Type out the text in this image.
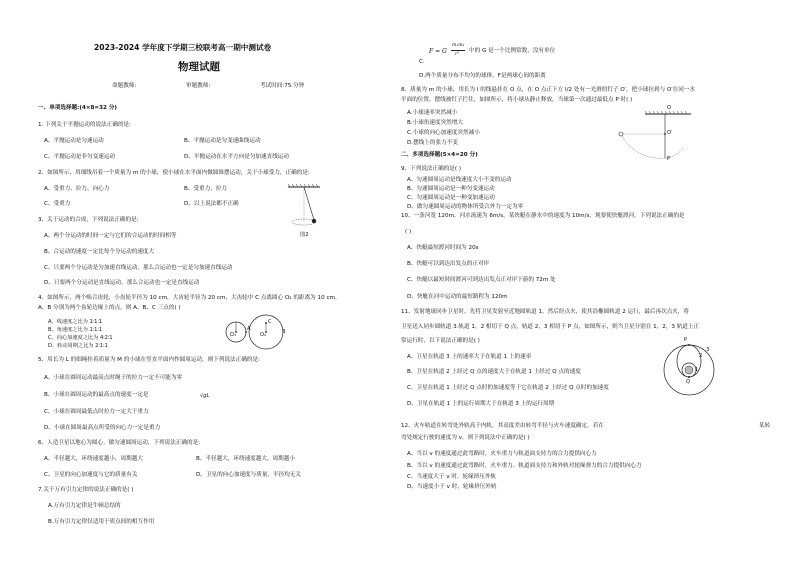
2023-2024 学年度下学期三校联考高一期中测试卷
物理试题
命题教师:	审题教师:	考试时间:75 分钟
一、单项选择题:(4×8=32 分)
1. 下列关于平抛运动的说法正确的是:
A、平抛运动是匀速运动	B、平抛运动是匀变速曲线运动
C、平抛运动是非匀变速运动	D、平抛运动在水平方向是匀加速直线运动
2、如图所示，用细线吊着一个质量为 m 的小球，使小球在水平面内做圆锥摆运动，关于小球受力，正确的是:
A、受重力、拉力、向心力	B、受重力、拉力
C、受重力	D、以上说法都不正确
图2
3、关于运动的合成，下列说法正确的是:
A、两个分运动的时间一定与它们的合运动的时间相等
B、合运动的速度一定比每个分运动的速度大
C、只要两个分运动是匀加速直线运动，那么合运动也一定是匀加速直线运动
D、只要两个分运动是直线运动，那么合运动也一定是直线运动
4、如图所示，两个啮合齿轮，小齿轮半径为 10 cm，大齿轮半径为 20 cm，大齿轮中 C 点离圆心 O₂ 的距离为 10 cm，
A、B 分别为两个齿轮边缘上的点，则 A、B、C 三点的( )
A、线速度之比为 1∶1∶1
B、角速度之比为 1∶1∶1
C、向心加速度之比为 4∶2∶1
D、转动周期之比为 2∶1∶1
O₁	O₂
A
C
B
5、用长为 L 的细绳拴着质量为 M 的小球在竖直平面内作圆周运动，则下列说法正确的是:
A、小球在圆周运动最高点时绳子的拉力一定不可能为零
B、小球在圆周运动的最高点的速度一定是	√gL
C、小球在圆周最低点时拉力一定大于重力
D、小球在圆周最高点所受的向心力一定是重力
6、人造卫星以地心为圆心，做匀速圆周运动，下列说法正确的是:
A、半径越大，环绕速度越小，周期越大	B、半径越大，环绕速度越大，周期越小
C、卫星的向心加速度与它的质量有关	D、卫星的向心加速度与质量，半径均无关
7.关于万有引力定律的说法正确的是( )
A.万有引力定律是牛顿总结的
B.万有引力定律仅适用于质点间的相互作用
F = G
m₁m₂
r²
C.
中的 G 是一个比例常数，没有单位
D.两个质量分布不均匀的球体，F是两球心间的距离
8、质量为 m 的小球，用长为 l 的线悬挂在 O 点，在 O 点正下方 l/2 处有一光滑的钉子 O′，把小球拉到与 O′在同一水
平面的位置，摆线被钉子拦住，如图所示，将小球从静止释放，当球第一次通过最低点 P 时( )
A.小球速率突然减小
B.小球角速度突然增大
C.小球的向心加速度突然减小
D.摆线上的张力不变
O
O′
P
二、多项选择题(5×4=20 分)
9、下列说法正确的是( )
A、匀速圆周运动是线速度大小不变的运动
B、匀速圆周运动是一种匀变速运动
C、匀速圆周运动是一种变加速运动
D、做匀速圆周运动的物体所受合外力一定为零
10、一条河宽 120m，河水流速为 6m/s，某快艇在静水中的速度为 10m/s，现要使快艇渡河，下列说法正确的是
( )
A、快艇最短渡河时间为 20s
B、快艇可以到达出发点的正对岸
C、快艇以最短时间渡河可到达出发点正对岸下游的 72m 处
D、快艇在河中运动的最短路程为 120m
11、发射地球同步卫星时，先将卫星发射至近地圆轨道 1，然后经点火，使其沿椭圆轨道 2 运行，最后再次点火，将
卫星送入同步圆轨道 3.轨道 1，2 相切于 Q 点，轨道 2，3 相切于 P 点，如图所示，则当卫星分别在 1，2，3 轨道上正
常运行时，以下说法正确的是( )
A、卫星在轨道 3 上的速率大于在轨道 1 上的速率
B、卫星在轨道 2 上经过 Q 点的速度大于在轨道 1 上经过 Q 点的速度
C、卫星在轨道 1 上经过 Q 点时的加速度等于它在轨道 2 上经过 Q 点时的加速度
D、卫星在轨道 1 上的运行周期大于在轨道 3 上的运行周期
P
Q
1
2
3
12、火车轨道在转弯处外轨高于内轨，其高度差由转弯半径与火车速度确定。若在	某转
弯处规定行驶的速度为 v，则下列说法中正确的是( )
A、当以 v 的速度通过此弯路时，火车重力与轨道面支持力的合力提供向心力
B、当以 v 的速度通过此弯路时，火车重力、轨道面支持力和外轨对轮缘弹力的合力提供向心力
C、当速度大于 v 时，轮缘挤压外轨
D、当速度小于 v 时，轮缘挤压外轨
